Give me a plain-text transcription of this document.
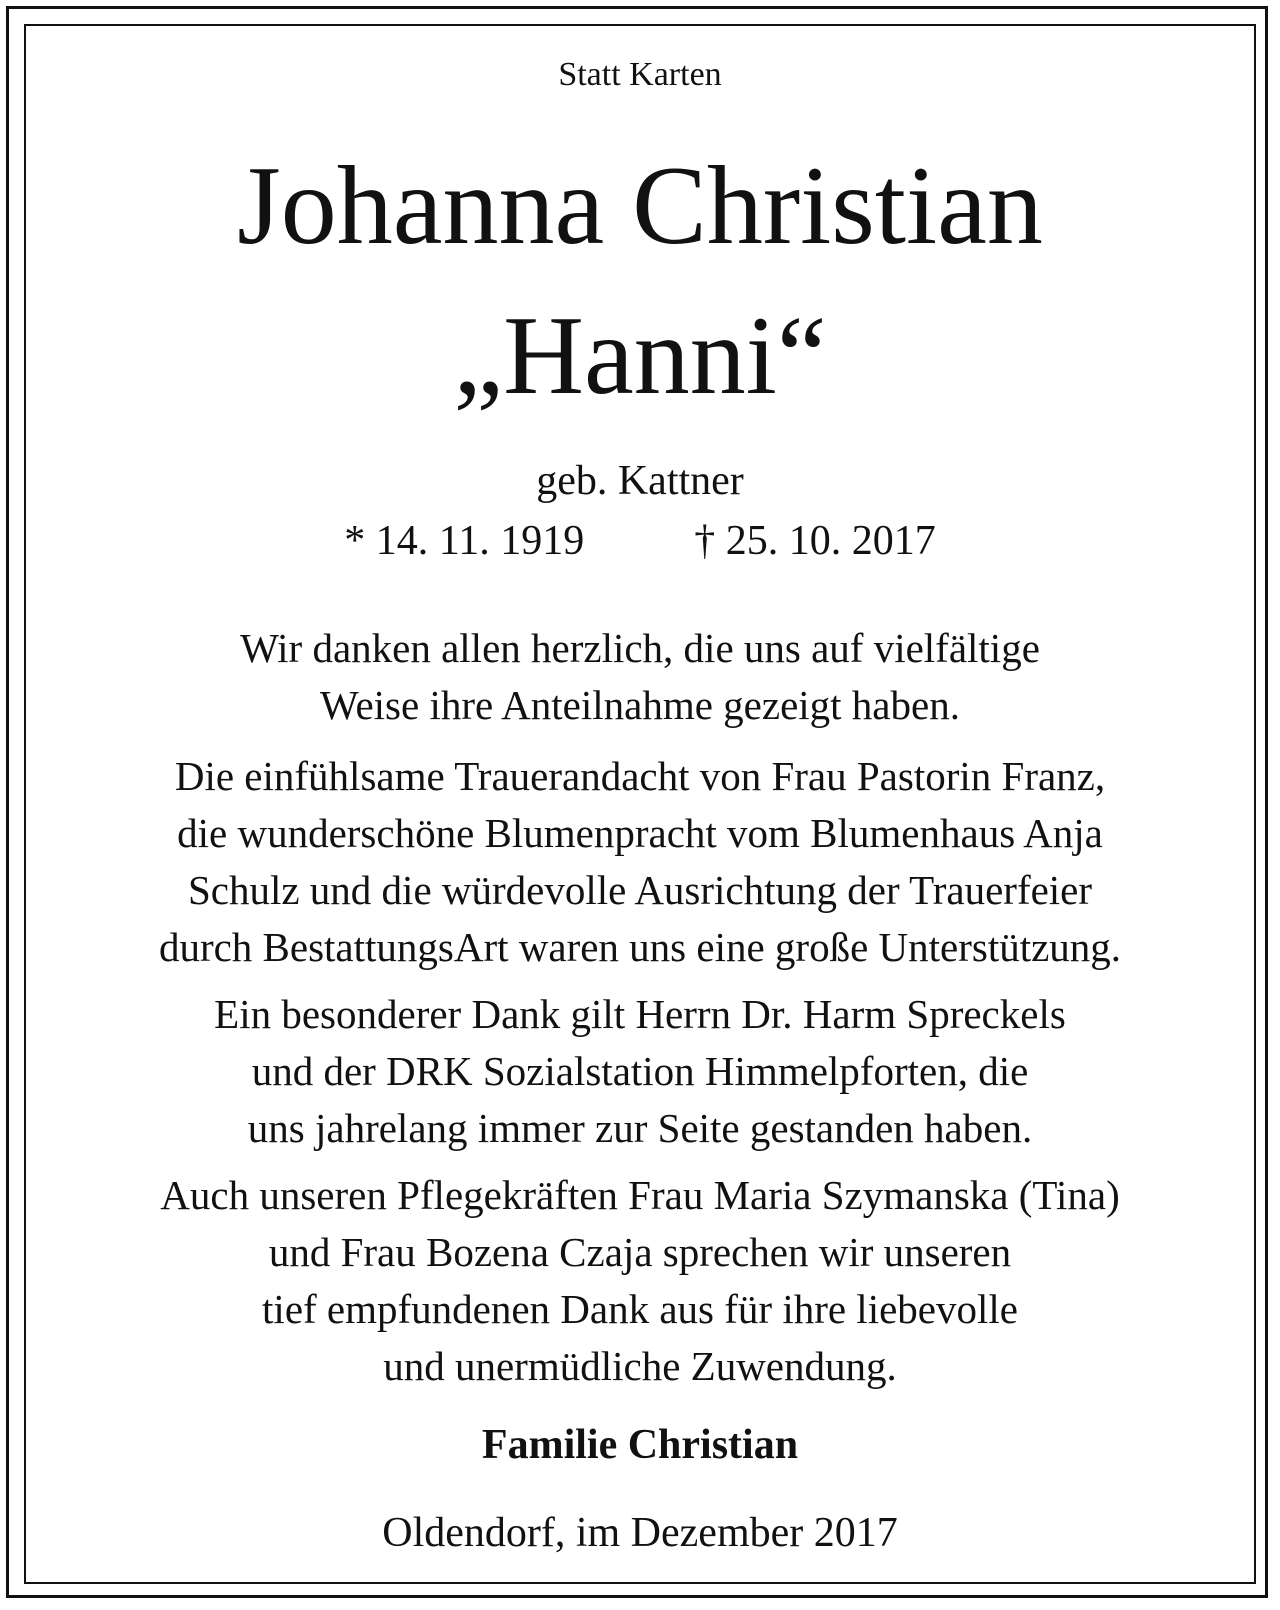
Statt Karten
Johanna Christian
„Hanni“
geb. Kattner
* 14. 11. 1919	† 25. 10. 2017
Wir danken allen herzlich, die uns auf vielfältige
Weise ihre Anteilnahme gezeigt haben.
Die einfühlsame Trauerandacht von Frau Pastorin Franz,
die wunderschöne Blumenpracht vom Blumenhaus Anja
Schulz und die würdevolle Ausrichtung der Trauerfeier
durch BestattungsArt waren uns eine große Unterstützung.
Ein besonderer Dank gilt Herrn Dr. Harm Spreckels
und der DRK Sozialstation Himmelpforten, die
uns jahrelang immer zur Seite gestanden haben.
Auch unseren Pflegekräften Frau Maria Szymanska (Tina)
und Frau Bozena Czaja sprechen wir unseren
tief empfundenen Dank aus für ihre liebevolle
und unermüdliche Zuwendung.
Familie Christian
Oldendorf, im Dezember 2017
